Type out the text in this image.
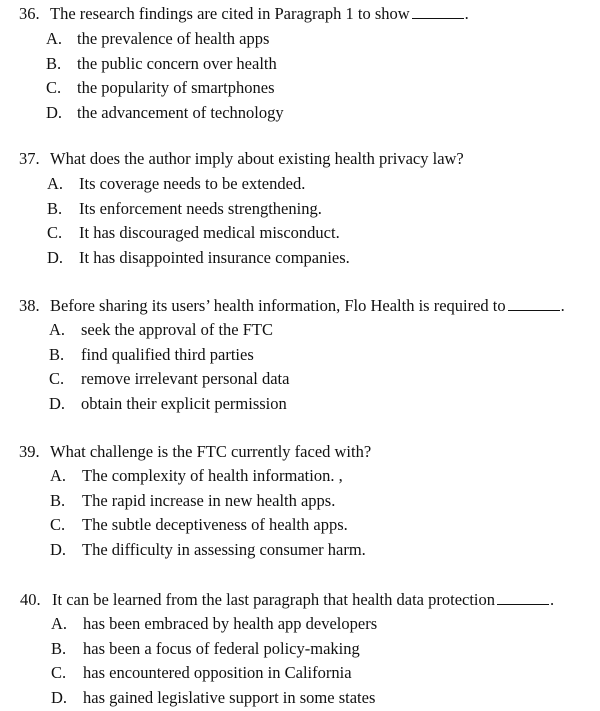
36. The research findings are cited in Paragraph 1 to show	.
A. the prevalence of health apps
B. the public concern over health
C. the popularity of smartphones
D. the advancement of technology
37. What does the author imply about existing health privacy law?
A. Its coverage needs to be extended.
B. Its enforcement needs strengthening.
C. It has discouraged medical misconduct.
D. It has disappointed insurance companies.
38. Before sharing its users’ health information, Flo Health is required to	.
A. seek the approval of the FTC
B. find qualified third parties
C. remove irrelevant personal data
D. obtain their explicit permission
39. What challenge is the FTC currently faced with?
A. The complexity of health information. ,
B. The rapid increase in new health apps.
C. The subtle deceptiveness of health apps.
D. The difficulty in assessing consumer harm.
40. It can be learned from the last paragraph that health data protection	.
A. has been embraced by health app developers
B. has been a focus of federal policy-making
C. has encountered opposition in California
D. has gained legislative support in some states
